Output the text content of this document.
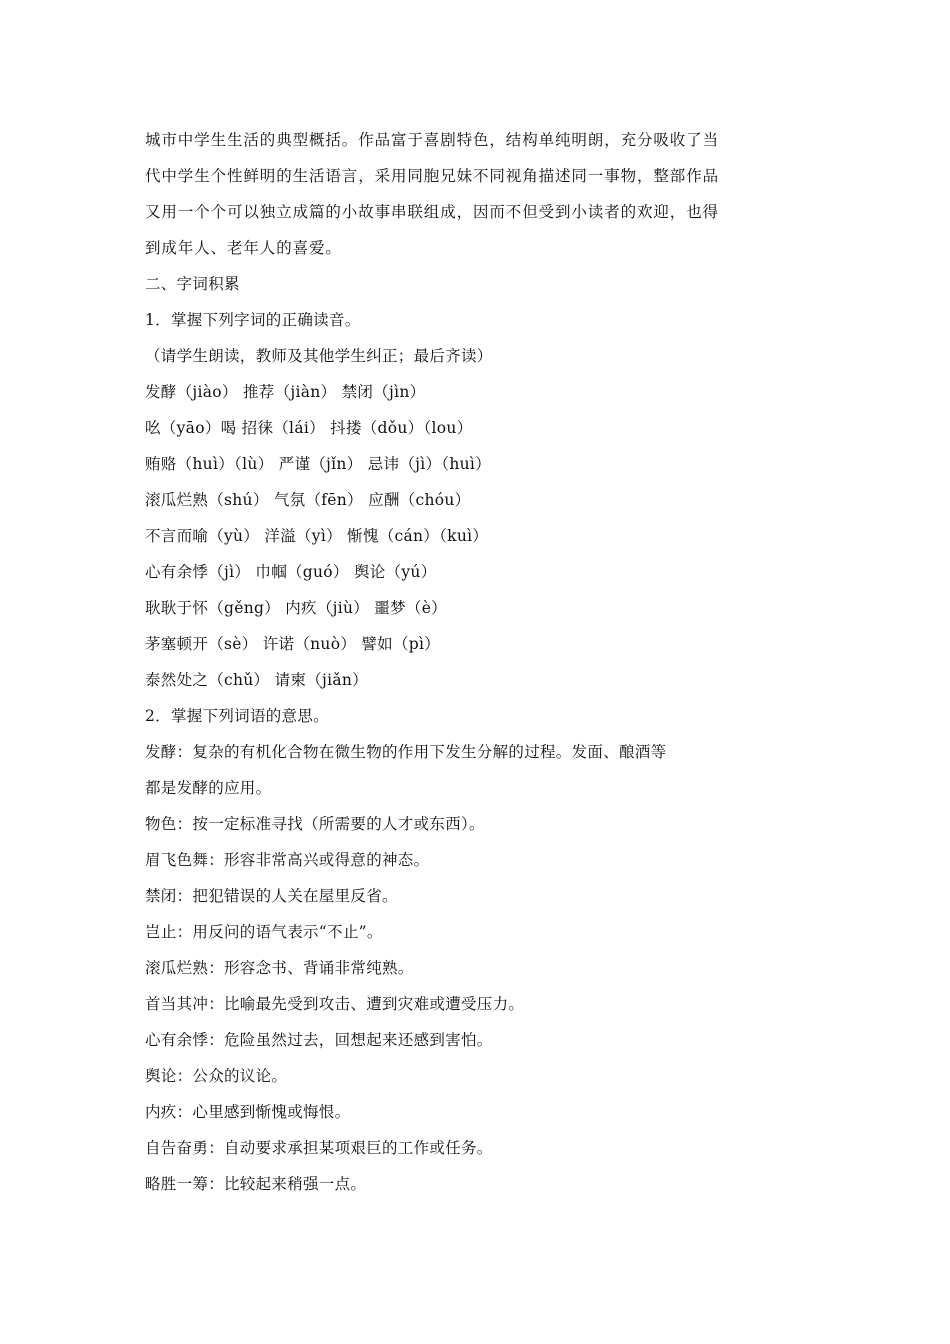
城市中学生生活的典型概括。作品富于喜剧特色，结构单纯明朗，充分吸收了当
代中学生个性鲜明的生活语言，采用同胞兄妹不同视角描述同一事物，整部作品
又用一个个可以独立成篇的小故事串联组成，因而不但受到小读者的欢迎，也得
到成年人、老年人的喜爱。
二、字词积累
1．掌握下列字词的正确读音。
（请学生朗读，教师及其他学生纠正；最后齐读）
发酵（jiào） 推荐（jiàn） 禁闭（jìn）
吆（yāo）喝 招徕（lái） 抖搂（dǒu）（lou）
贿赂（huì）（lù） 严谨（jǐn） 忌讳（jì）（huì）
滚瓜烂熟（shú） 气氛（fēn） 应酬（chóu）
不言而喻（yù） 洋溢（yì） 惭愧（cán）（kuì）
心有余悸（jì） 巾帼（guó） 舆论（yú）
耿耿于怀（gěng） 内疚（jiù） 噩梦（è）
茅塞顿开（sè） 许诺（nuò） 譬如（pì）
泰然处之（chǔ） 请柬（jiǎn）
2．掌握下列词语的意思。
发酵：复杂的有机化合物在微生物的作用下发生分解的过程。发面、酿酒等
都是发酵的应用。
物色：按一定标准寻找（所需要的人才或东西）。
眉飞色舞：形容非常高兴或得意的神态。
禁闭：把犯错误的人关在屋里反省。
岂止：用反问的语气表示“不止”。
滚瓜烂熟：形容念书、背诵非常纯熟。
首当其冲：比喻最先受到攻击、遭到灾难或遭受压力。
心有余悸：危险虽然过去，回想起来还感到害怕。
舆论：公众的议论。
内疚：心里感到惭愧或悔恨。
自告奋勇：自动要求承担某项艰巨的工作或任务。
略胜一筹：比较起来稍强一点。
